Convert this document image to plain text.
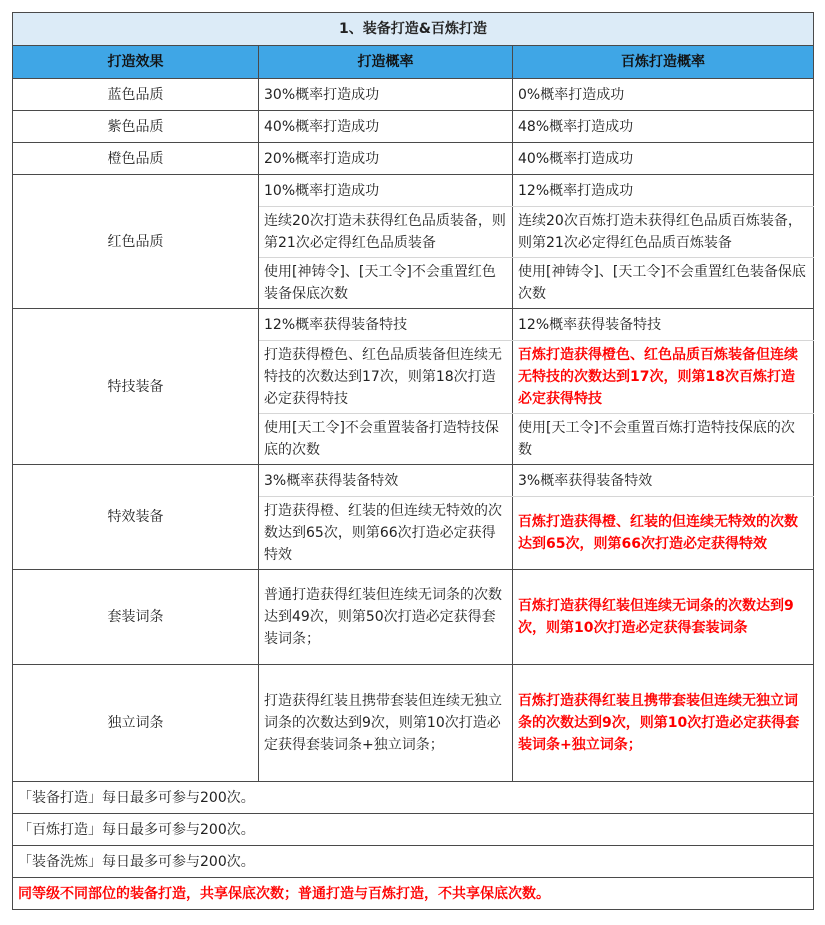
1、装备打造&百炼打造		
打造效果	打造概率	百炼打造概率
蓝色品质	30%概率打造成功	0%概率打造成功
紫色品质	40%概率打造成功	48%概率打造成功
橙色品质	20%概率打造成功	40%概率打造成功
红色品质	10%概率打造成功	12%概率打造成功
	连续20次打造未获得红色品质装备，则第21次必定得红色品质装备	连续20次百炼打造未获得红色品质百炼装备，则第21次必定得红色品质百炼装备
	使用[神铸令]、[天工令]不会重置红色装备保底次数	使用[神铸令]、[天工令]不会重置红色装备保底次数
特技装备	12%概率获得装备特技	12%概率获得装备特技
	打造获得橙色、红色品质装备但连续无特技的次数达到17次，则第18次打造必定获得特技	百炼打造获得橙色、红色品质百炼装备但连续无特技的次数达到17次，则第18次百炼打造必定获得特技
	使用[天工令]不会重置装备打造特技保底的次数	使用[天工令]不会重置百炼打造特技保底的次数
特效装备	3%概率获得装备特效	3%概率获得装备特效
	打造获得橙、红装的但连续无特效的次数达到65次，则第66次打造必定获得特效	百炼打造获得橙、红装的但连续无特效的次数达到65次，则第66次打造必定获得特效
套装词条	普通打造获得红装但连续无词条的次数达到49次，则第50次打造必定获得套装词条；	百炼打造获得红装但连续无词条的次数达到9次，则第10次打造必定获得套装词条
独立词条	打造获得红装且携带套装但连续无独立词条的次数达到9次，则第10次打造必定获得套装词条+独立词条；	百炼打造获得红装且携带套装但连续无独立词条的次数达到9次，则第10次打造必定获得套装词条+独立词条；
「装备打造」每日最多可参与200次。		
「百炼打造」每日最多可参与200次。		
「装备洗炼」每日最多可参与200次。		
同等级不同部位的装备打造，共享保底次数；普通打造与百炼打造，不共享保底次数。		
